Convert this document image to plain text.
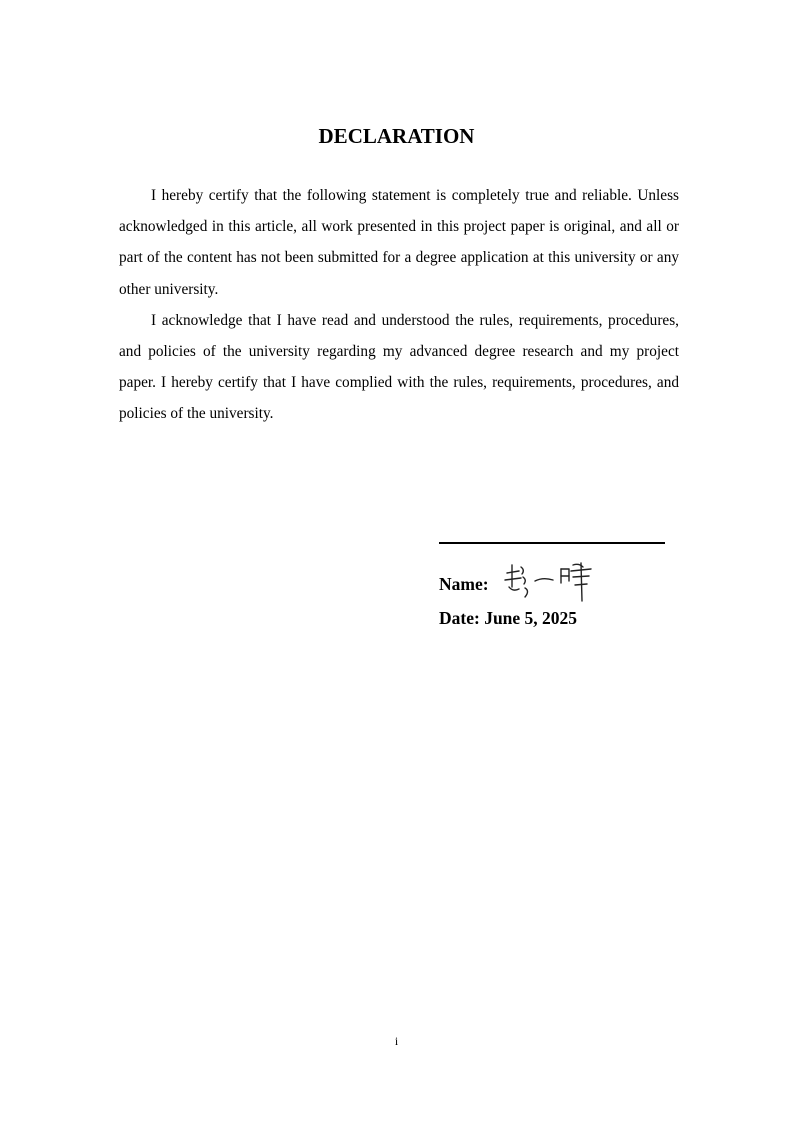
DECLARATION

I hereby certify that the following statement is completely true and reliable. Unless acknowledged in this article, all work presented in this project paper is original, and all or part of the content has not been submitted for a degree application at this university or any other university.

I acknowledge that I have read and understood the rules, requirements, procedures, and policies of the university regarding my advanced degree research and my project paper. I hereby certify that I have complied with the rules, requirements, procedures, and policies of the university.

Name:
Date: June 5, 2025
i
